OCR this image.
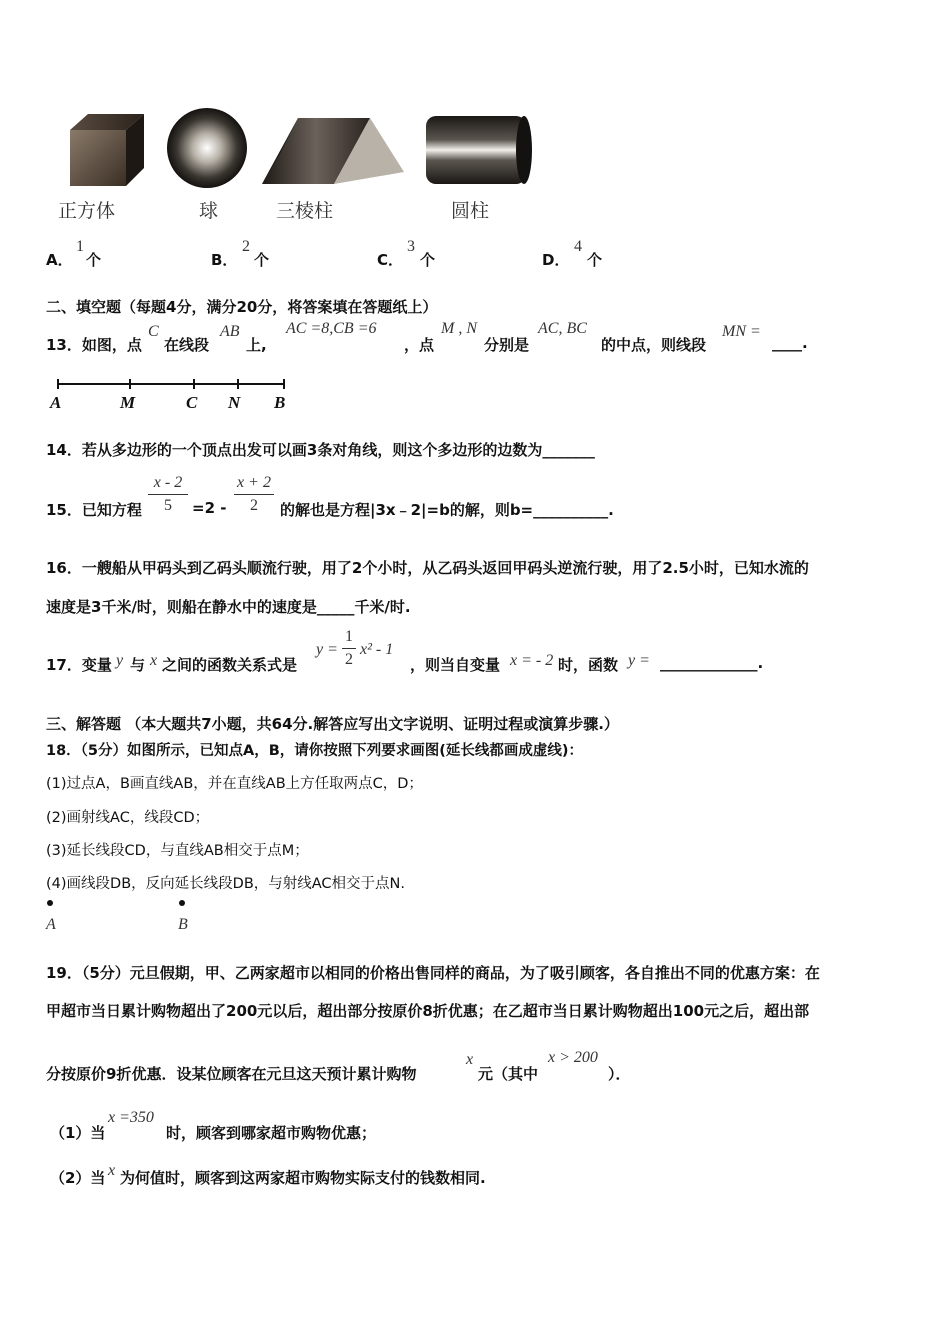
正方体	球	三棱柱	圆柱
A．
1
个	B．
2
个	C．
3
个	D．
4
个
二、填空题（每题4分，满分20分，将答案填在答题纸上）
13．如图，点
C
在线段
AB
上,
AC =8,CB =6
，点
M , N
分别是
AC, BC
的中点，则线段
MN =
____.
A	M	C N B
14．若从多边形的一个顶点出发可以画3条对角线，则这个多边形的边数为_______
15．已知方程
x - 2
5	=2 -
x + 2
2	的解也是方程|3x﹣2|=b的解，则b=__________.
16．一艘船从甲码头到乙码头顺流行驶，用了2个小时，从乙码头返回甲码头逆流行驶，用了2.5小时，已知水流的
速度是3千米/时，则船在静水中的速度是_____千米/时.
17．变量 y 与 x 之间的函数关系式是
y =
1
2
x² - 1
，则当自变量 x = - 2 时，函数 y = _____________.
三、解答题 （本大题共7小题，共64分.解答应写出文字说明、证明过程或演算步骤.）
18．（5分）如图所示，已知点A，B，请你按照下列要求画图(延长线都画成虚线)：
(1)过点A，B画直线AB，并在直线AB上方任取两点C，D；
(2)画射线AC，线段CD；
(3)延长线段CD，与直线AB相交于点M；
(4)画线段DB，反向延长线段DB，与射线AC相交于点N.
A	B
19．（5分）元旦假期，甲、乙两家超市以相同的价格出售同样的商品，为了吸引顾客，各自推出不同的优惠方案：在
甲超市当日累计购物超出了200元以后，超出部分按原价8折优惠；在乙超市当日累计购物超出100元之后，超出部
分按原价9折优惠．设某位顾客在元旦这天预计累计购物
x
元（其中
x > 200
）．
（1）当
x =350
时，顾客到哪家超市购物优惠；
（2）当 x 为何值时，顾客到这两家超市购物实际支付的钱数相同.
